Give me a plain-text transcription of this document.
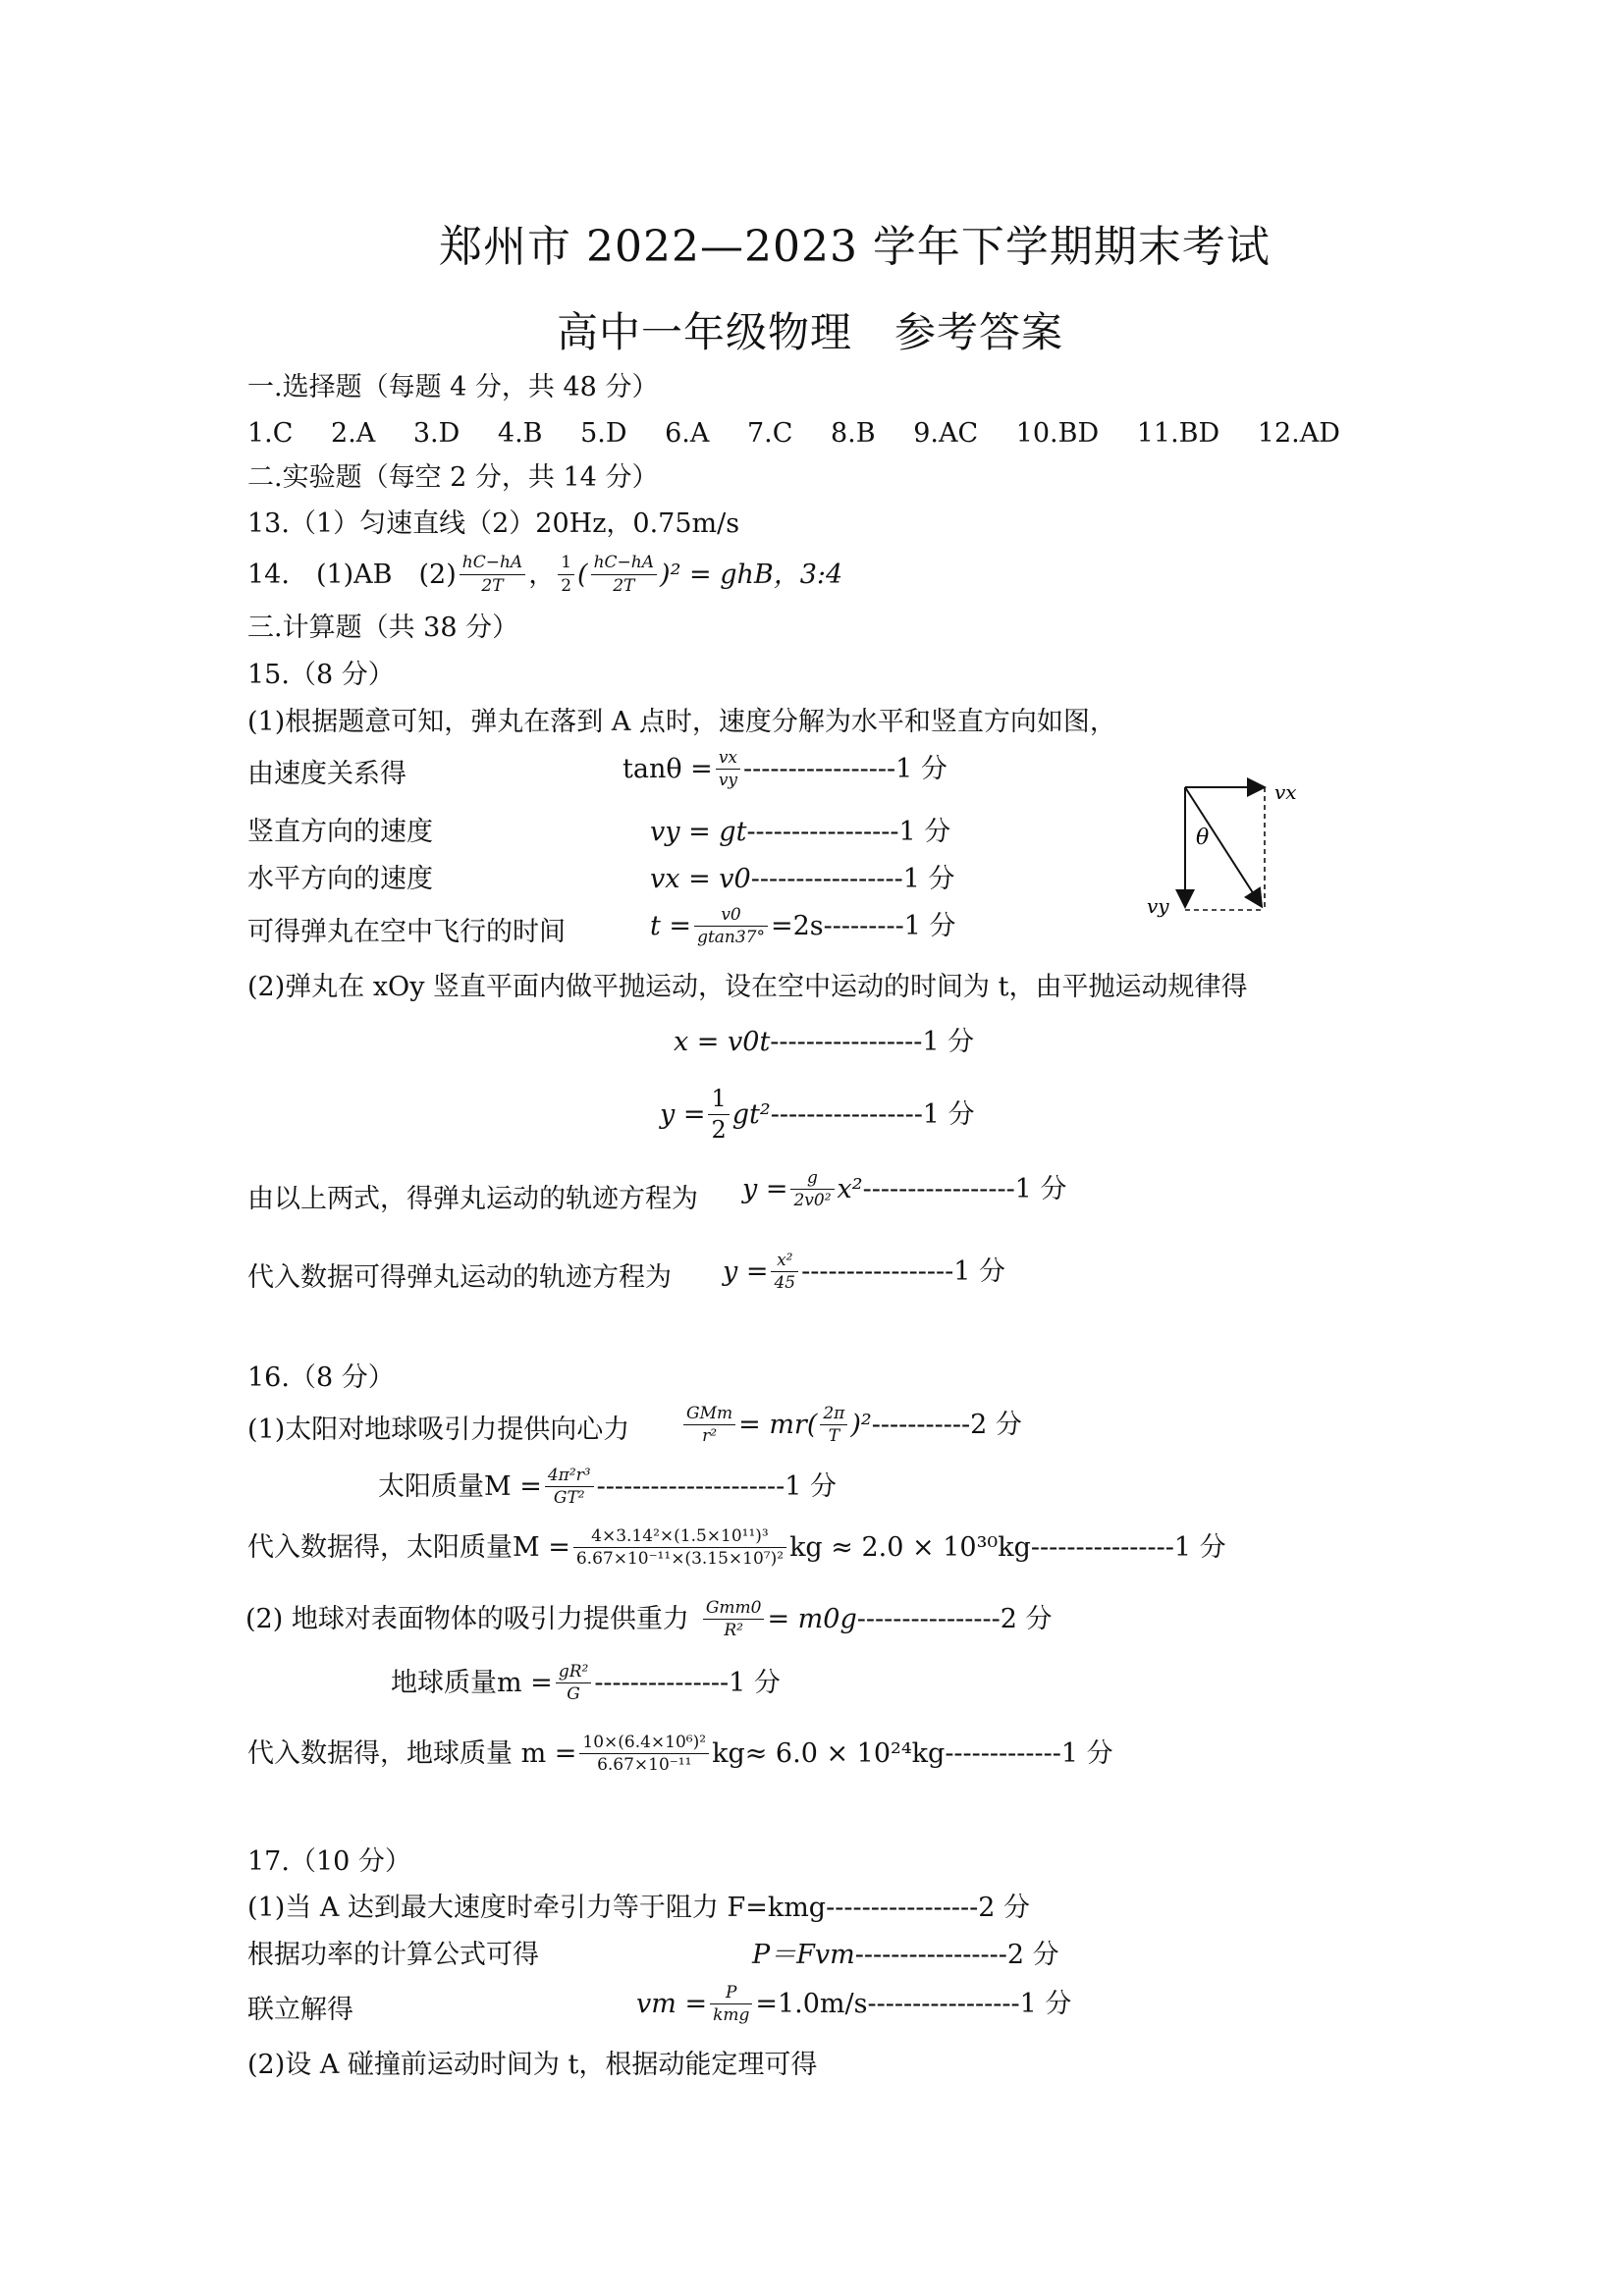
郑州市 2022—2023 学年下学期期末考试
高中一年级物理　参考答案
一.选择题（每题 4 分，共 48 分）
1.C 2.A 3.D 4.B 5.D 6.A 7.C 8.B 9.AC 10.BD 11.BD 12.AD
二.实验题（每空 2 分，共 14 分）
13.（1）匀速直线（2）20Hz，0.75m/s
14.　(1)AB　(2) hC−hA
2T ， 1
2 ( hC−hA
2T ) ² = ghB，3:4
三.计算题（共 38 分）
15.（8 分）
(1)根据题意可知，弹丸在落到 A 点时，速度分解为水平和竖直方向如图，
由速度关系得	$\tan\theta = \frac{vx}{vy} -----------------1$ 分
竖直方向的速度	vy = gt-----------------1 分
水平方向的速度	vx = v0-----------------1 分
可得弹丸在空中飞行的时间	$t = \frac{v0}{gtan37^\circ} =2s---------1$ 分
vx
θ
vy
(2)弹丸在 xOy 竖直平面内做平抛运动，设在空中运动的时间为 t，由平抛运动规律得
x = v0t-----------------1 分
$y = \frac{1}{2} gt^2$ -----------------1 分
由以上两式，得弹丸运动的轨迹方程为 $y = \frac{g}{\text{2v0²}} x^2$ -----------------1 分
代入数据可得弹丸运动的轨迹方程为 $y = \frac{\text{x²}}{45} -----------------1$ 分
16.（8 分）
(1)太阳对地球吸引力提供向心力
GMm
r² = mr( 2π
T )² -----------2 分
太阳质量$M = \frac{\text{4π²r³}}{\text{GT²}} ---------------------1$ 分
代入数据得，太阳质量$M = \frac{\text{4×3.14²×(1.5×10¹¹)³}}{\text{6.67×10⁻¹¹×(3.15×10⁷)²}}$ kg ≈ 2.0 × 10³⁰kg ----------------1 分
(2) 地球对表面物体的吸引力提供重力 Gmm0
R² = m0g ----------------2 分
地球质量$m = \frac{\text{gR²}}{G} ---------------1$ 分
代入数据得，地球质量 $m = \frac{\text{10×(6.4×10⁶)²}}{\text{6.67×10⁻¹¹}} kg\approx 6.0 \times 10^{24}kg$ -------------1 分
17.（10 分）
(1)当 A 达到最大速度时牵引力等于阻力 F=kmg-----------------2 分
根据功率的计算公式可得	P＝Fvm-----------------2 分
联立解得	vm =	P
kmg =1.0m/s -----------------1 分
(2)设 A 碰撞前运动时间为 t，根据动能定理可得
